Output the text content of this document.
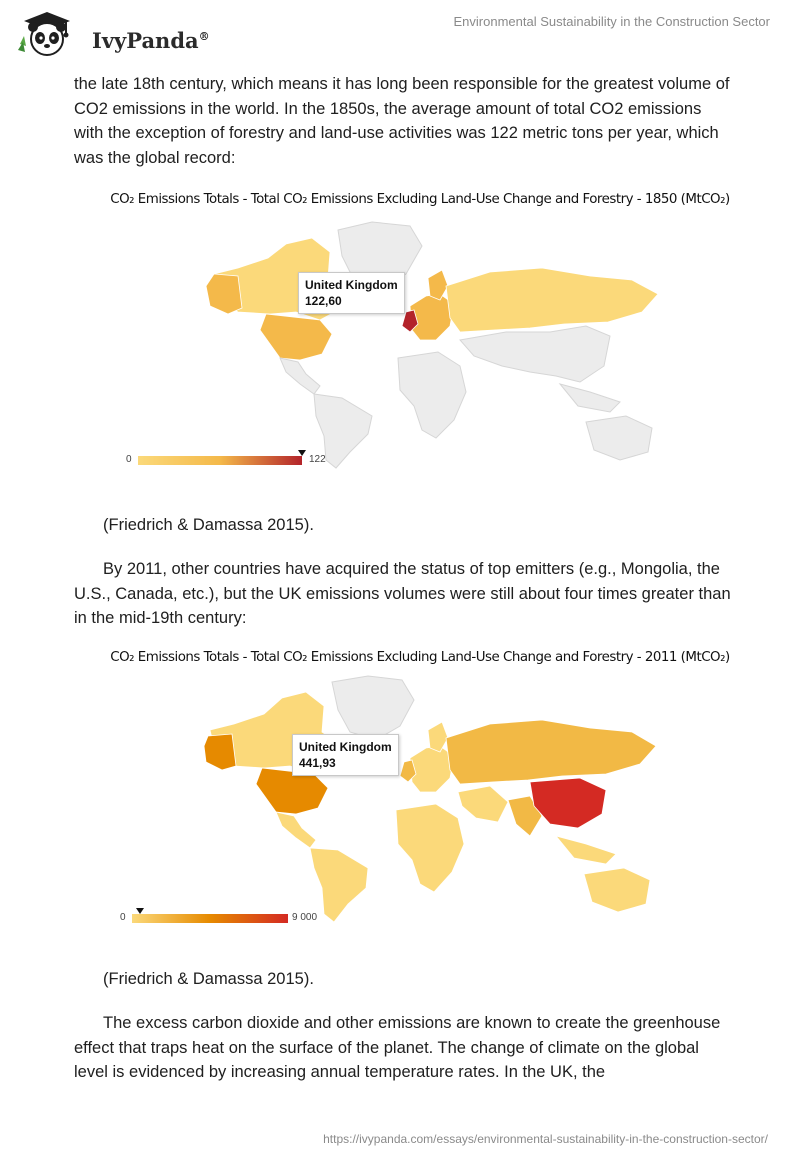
IvyPanda®
Environmental Sustainability in the Construction Sector
the late 18th century, which means it has long been responsible for the greatest volume of CO2 emissions in the world. In the 1850s, the average amount of total CO2 emissions with the exception of forestry and land-use activities was 122 metric tons per year, which was the global record:
CO₂ Emissions Totals - Total CO₂ Emissions Excluding Land-Use Change and Forestry - 1850 (MtCO₂)
United Kingdom
122,60
0	122
(Friedrich & Damassa 2015).
By 2011, other countries have acquired the status of top emitters (e.g., Mongolia, the U.S., Canada, etc.), but the UK emissions volumes were still about four times greater than in the mid-19th century:
CO₂ Emissions Totals - Total CO₂ Emissions Excluding Land-Use Change and Forestry - 2011 (MtCO₂)
United Kingdom
441,93
0	9 000
(Friedrich & Damassa 2015).
The excess carbon dioxide and other emissions are known to create the greenhouse effect that traps heat on the surface of the planet. The change of climate on the global level is evidenced by increasing annual temperature rates. In the UK, the
https://ivypanda.com/essays/environmental-sustainability-in-the-construction-sector/
